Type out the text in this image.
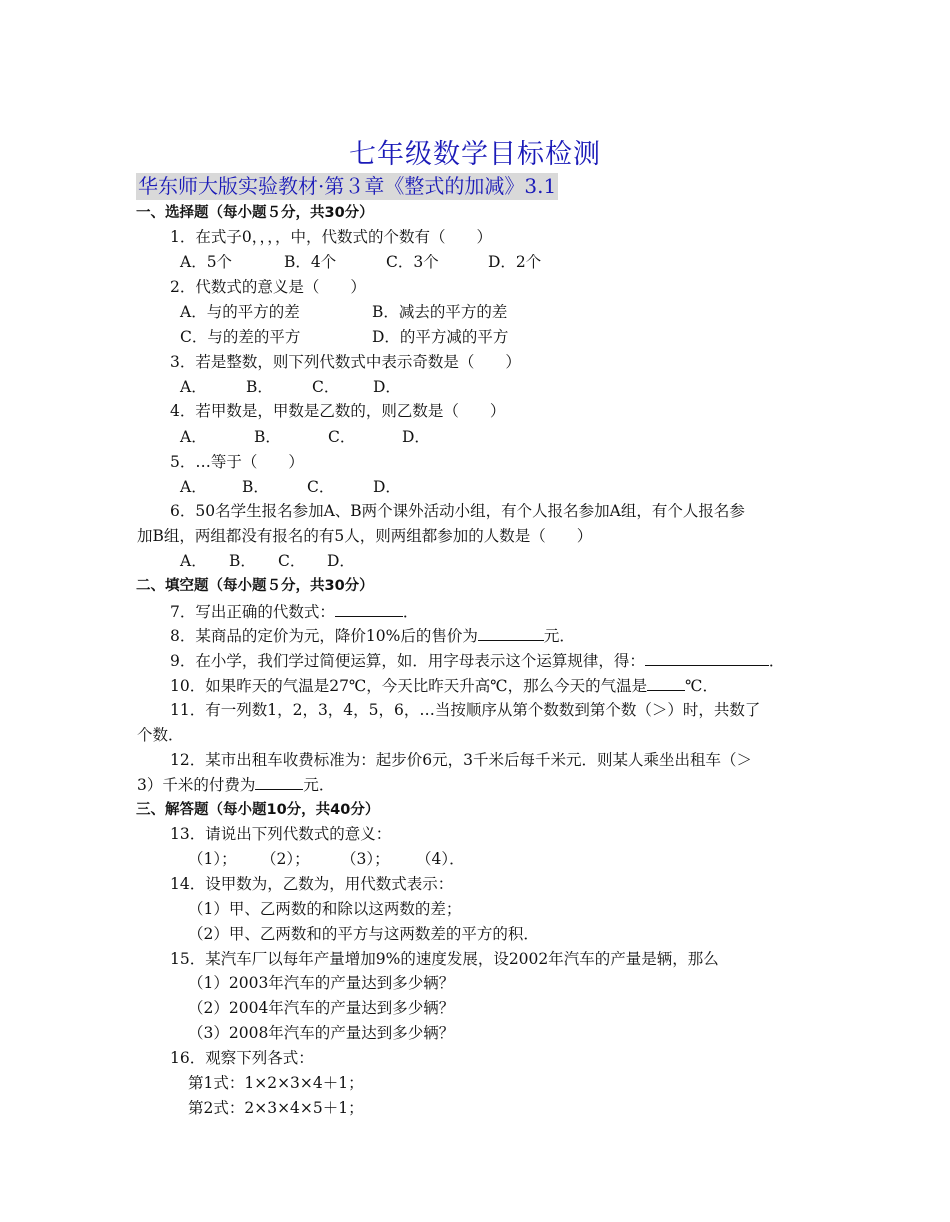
七年级数学目标检测
华东师大版实验教材·第３章《整式的加减》3.1
一、选择题（每小题５分，共30分）
1．在式子0，，，，中，代数式的个数有（　　）
A．5个	B．4个	C．3个	D．2个
2．代数式的意义是（　　）
A．与的平方的差	B．减去的平方的差
C．与的差的平方	D．的平方减的平方
3．若是整数，则下列代数式中表示奇数是（　　）
A．	B．	C． D．
4．若甲数是，甲数是乙数的，则乙数是（　　）
A．	B．	C．	D．
5．…等于（　　）
A． B． C． D．
6．50名学生报名参加A、B两个课外活动小组，有个人报名参加A组，有个人报名参
加B组，两组都没有报名的有5人，则两组都参加的人数是（　　）
A． B． C． D．
二、填空题（每小题５分，共30分）
7．写出正确的代数式：	．
8．某商品的定价为元，降价10%后的售价为	元．
9．在小学，我们学过简便运算，如．用字母表示这个运算规律，得：	．
10．如果昨天的气温是27℃，今天比昨天升高℃，那么今天的气温是 ℃．
11．有一列数1，2，3，4，5，6，…当按顺序从第个数数到第个数（＞）时，共数了
个数．
12．某市出租车收费标准为：起步价6元，3千米后每千米元．则某人乘坐出租车（＞
3）千米的付费为	元．
三、解答题（每小题10分，共40分）
13．请说出下列代数式的意义：
（1）； （2）； （3）； （4）．
14．设甲数为，乙数为，用代数式表示：
（1）甲、乙两数的和除以这两数的差；
（2）甲、乙两数和的平方与这两数差的平方的积．
15．某汽车厂以每年产量增加9%的速度发展，设2002年汽车的产量是辆，那么
（1）2003年汽车的产量达到多少辆？
（2）2004年汽车的产量达到多少辆？
（3）2008年汽车的产量达到多少辆？
16．观察下列各式：
第1式：1×2×3×4＋1；
第2式：2×3×4×5＋1；
